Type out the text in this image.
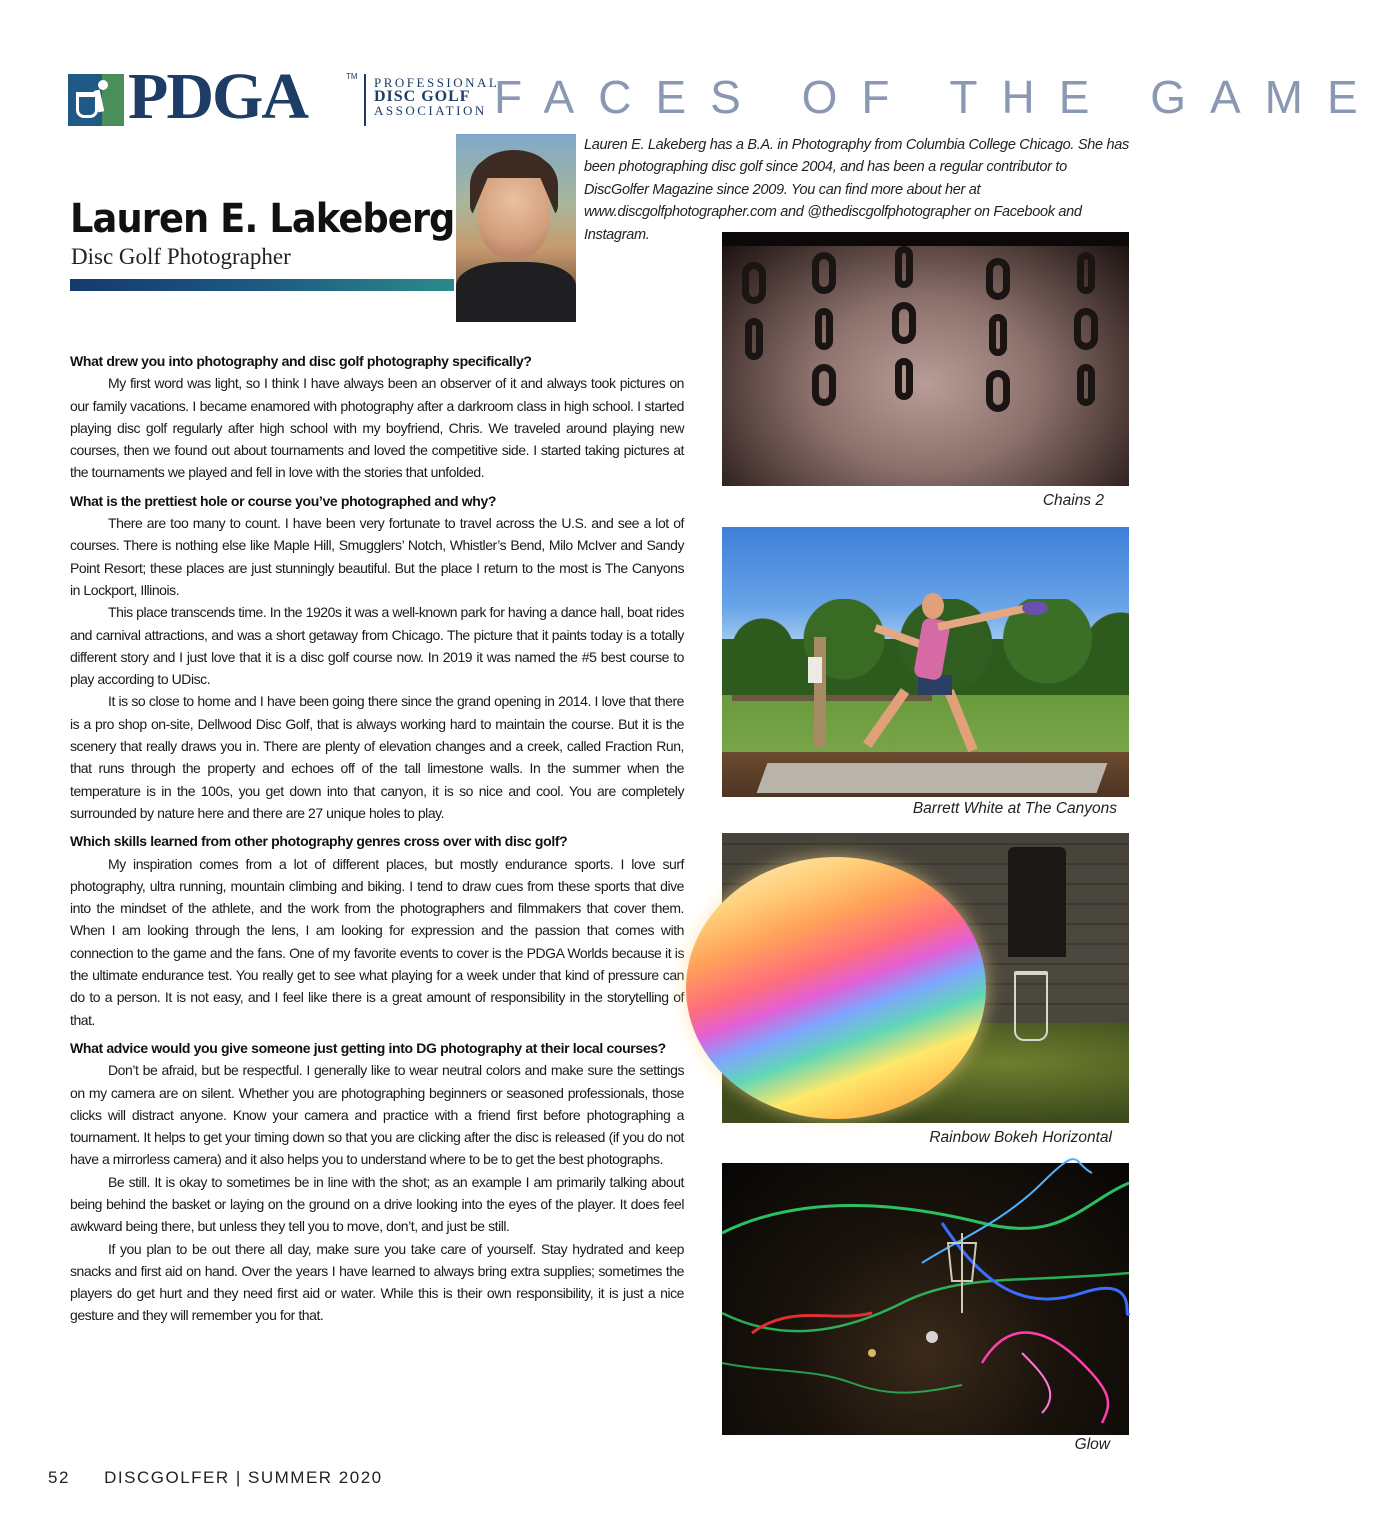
PDGA	TM PROFESSIONAL
DISC GOLF
ASSOCIATION FACES OF THE GAME
Lauren E. Lakeberg
Disc Golf Photographer
Lauren E. Lakeberg has a B.A. in Photography from Columbia College Chicago. She has been photographing disc golf since 2004, and has been a regular contributor to DiscGolfer Magazine since 2009. You can find more about her at www.discgolfphotographer.com and @thediscgolfphotographer on Facebook and Instagram.
What drew you into photography and disc golf photography specifically?
My first word was light, so I think I have always been an observer of it and always took pictures on our family vacations. I became enamored with photography after a darkroom class in high school. I started playing disc golf regularly after high school with my boyfriend, Chris. We traveled around playing new courses, then we found out about tournaments and loved the competitive side. I started taking pictures at the tournaments we played and fell in love with the stories that unfolded.
What is the prettiest hole or course you’ve photographed and why?
There are too many to count. I have been very fortunate to travel across the U.S. and see a lot of courses. There is nothing else like Maple Hill, Smugglers’ Notch, Whistler’s Bend, Milo McIver and Sandy Point Resort; these places are just stunningly beautiful. But the place I return to the most is The Canyons in Lockport, Illinois.
This place transcends time. In the 1920s it was a well-known park for having a dance hall, boat rides and carnival attractions, and was a short getaway from Chicago. The picture that it paints today is a totally different story and I just love that it is a disc golf course now. In 2019 it was named the #5 best course to play according to UDisc.
It is so close to home and I have been going there since the grand opening in 2014. I love that there is a pro shop on-site, Dellwood Disc Golf, that is always working hard to maintain the course. But it is the scenery that really draws you in. There are plenty of elevation changes and a creek, called Fraction Run, that runs through the property and echoes off of the tall limestone walls. In the summer when the temperature is in the 100s, you get down into that canyon, it is so nice and cool. You are completely surrounded by nature here and there are 27 unique holes to play.
Which skills learned from other photography genres cross over with disc golf?
My inspiration comes from a lot of different places, but mostly endurance sports. I love surf photography, ultra running, mountain climbing and biking. I tend to draw cues from these sports that dive into the mindset of the athlete, and the work from the photographers and filmmakers that cover them. When I am looking through the lens, I am looking for expression and the passion that comes with connection to the game and the fans. One of my favorite events to cover is the PDGA Worlds because it is the ultimate endurance test. You really get to see what playing for a week under that kind of pressure can do to a person. It is not easy, and I feel like there is a great amount of responsibility in the storytelling of that.
What advice would you give someone just getting into DG photography at their local courses?
Don’t be afraid, but be respectful. I generally like to wear neutral colors and make sure the settings on my camera are on silent. Whether you are photographing beginners or seasoned professionals, those clicks will distract anyone. Know your camera and practice with a friend first before photographing a tournament. It helps to get your timing down so that you are clicking after the disc is released (if you do not have a mirrorless camera) and it also helps you to understand where to be to get the best photographs.
Be still. It is okay to sometimes be in line with the shot; as an example I am primarily talking about being behind the basket or laying on the ground on a drive looking into the eyes of the player. It does feel awkward being there, but unless they tell you to move, don’t, and just be still.
If you plan to be out there all day, make sure you take care of yourself. Stay hydrated and keep snacks and first aid on hand. Over the years I have learned to always bring extra supplies; sometimes the players do get hurt and they need first aid or water. While this is their own responsibility, it is just a nice gesture and they will remember you for that.
Chains 2
Barrett White at The Canyons
Rainbow Bokeh Horizontal
Glow
52 DISCGOLFER | SUMMER 2020
